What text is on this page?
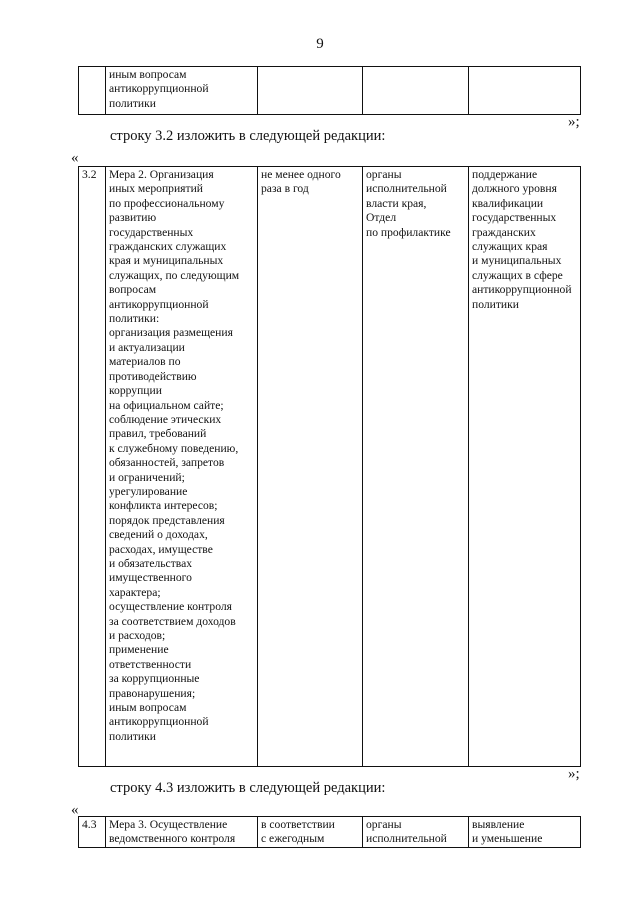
9
	иным вопросам
антикоррупционной
политики			
»;
строку 3.2 изложить в следующей редакции:
«
3.2	Мера 2. Организация
иных мероприятий
по профессиональному
развитию
государственных
гражданских служащих
края и муниципальных
служащих, по следующим
вопросам
антикоррупционной
политики:
организация размещения
и актуализации
материалов по
противодействию
коррупции
на официальном сайте;
соблюдение этических
правил, требований
к служебному поведению,
обязанностей, запретов
и ограничений;
урегулирование
конфликта интересов;
порядок представления
сведений о доходах,
расходах, имуществе
и обязательствах
имущественного
характера;
осуществление контроля
за соответствием доходов
и расходов;
применение
ответственности
за коррупционные
правонарушения;
иным вопросам
антикоррупционной
политики	не менее одного
раза в год	органы
исполнительной
власти края,
Отдел
по профилактике	поддержание
должного уровня
квалификации
государственных
гражданских
служащих края
и муниципальных
служащих в сфере
антикоррупционной
политики
»;
строку 4.3 изложить в следующей редакции:
«
4.3	Мера 3. Осуществление
ведомственного контроля	в соответствии
с ежегодным	органы
исполнительной	выявление
и уменьшение
